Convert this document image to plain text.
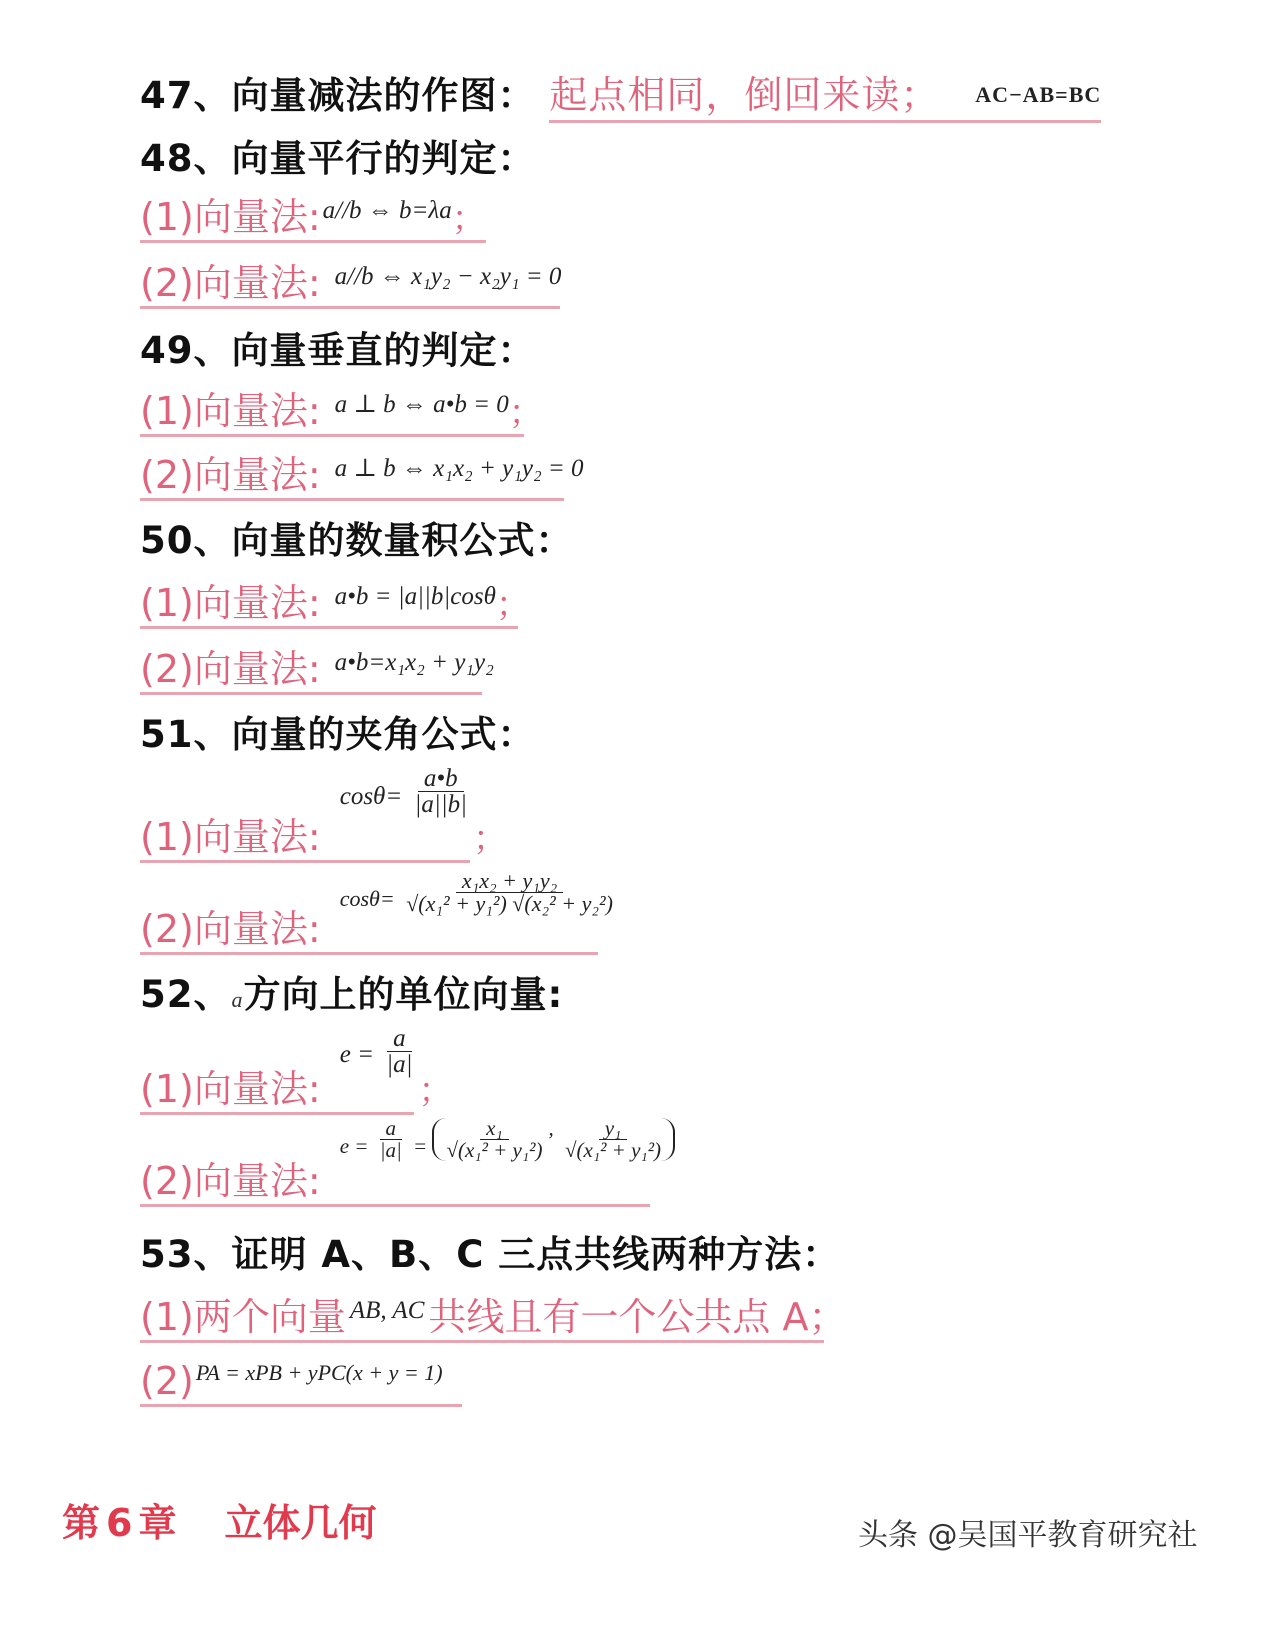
47、向量减法的作图： 起点相同，倒回来读； AC−AB=BC
48、向量平行的判定：
(1)向量法:a//b ⇔ b=λa；
(2)向量法: a//b ⇔ x₁y₂ − x₂y₁ = 0
49、向量垂直的判定：
(1)向量法: a ⊥ b ⇔ a•b = 0；
(2)向量法: a ⊥ b ⇔ x₁x₂ + y₁y₂ = 0
50、向量的数量积公式：
(1)向量法: a•b = |a||b|cosθ；
(2)向量法: a•b=x₁x₂ + y₁y₂
51、向量的夹角公式：
(1)向量法: $\cos\theta= \frac{a•b}{|a||b|}$
；
(2)向量法: $\cos\theta= \frac{\text{x₁x₂ + y₁y₂}}{\text{√(x₁² + y₁²) √(x₂² + y₂²)}}$
52、a方向上的单位向量:
(1)向量法: $e = \frac{a}{|a|}$
；
(2)向量法: $e = \frac{a}{|a|} = \frac{\text{x₁}}{\text{√(x₁² + y₁²)}}$ , $\frac{\text{y₁}}{\text{√(x₁² + y₁²)}}$
53、证明 A、B、C 三点共线两种方法：
(1)两个向量 AB, AC 共线且有一个公共点 A；
(2)PA = xPB + yPC(x + y = 1)
第 6 章 立体几何	头条 @吴国平教育研究社
